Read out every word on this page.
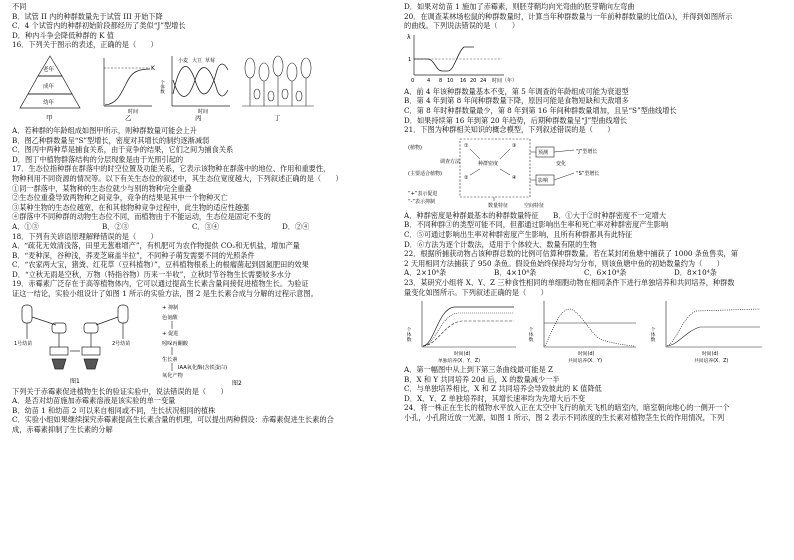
不同
B．试管 II 内的种群数量先于试管 III 开始下降
C．4 个试管内的种群初始阶段都经历了类似“J”型增长
D．种内斗争会降低种群的 K 值
16．下列关于图示的表述，正确的是（　　）
老年
成年
幼年
甲
K
时间
乙
小麦 大豆 草莓
个体数
时间
丙	丁
A．若种群的年龄组成如图甲所示，则种群数量可能会上升
B．图乙种群数量呈“S”型增长，密度对其增长的制约逐渐减弱
C．图丙中两种草是捕食关系，由于竞争的结果，它们之间为捕食关系
D．图丁中植物群落结构的分层现象是由于光照引起的
17．生态位指种群在群落中的时空位置及功能关系，它表示该物种在群落中的地位、作用和重要性，
物种利用不同资源的情况等。以下有关生态位的叙述中，其生态位宽度越大，下列叙述正确的是（　　）
①同一群落中，某物种的生态位就少与别的物种完全重叠
②生态位重叠导致两物种之间竞争，竞争的结果是其中一个物种灭亡
③某种生物的生态位越宽，在和其他物种竞争过程中，此生物的适应性越强
④群落中不同种群的动物生态位不同，而植物由于不能运动，生态位是固定不变的
A．①③	B．②③	C．③④	D．②④
18．下列有关谚语原理解释错误的是（　　）
A．“疏花无效清浅落，田里无葱难增产”，有机肥可为农作物提供 CO₂和无机盐，增加产量
B．“麦种深，谷种浅，荞麦芝麻盖半拉”，不同种子萌发需要不同的光照条件
C．“农家两大宝，猪粪、红花草（豆科植物）”，豆科植物根系上的根瘤菌起到固氮肥田的效果
D．“立秋无雨是空秋，万物（特指谷物）历来一半收”，立秋时节谷物生长需要较多水分
19．赤霉素广泛存在于高等植物体内，它可以通过提高生长素含量间接促进植物生长。为验证
证这一结论，实验小组设计了如图 1 所示的实验方法，图 2 是生长素合成与分解的过程示意图。
1号幼苗	2号幼苗
图1
+ 抑制
色氨酸
+ 促进
吲哚丙酮酸
生长素
IAA氧化酶(含铁蛋白)
氧化产物
图2
下列关于赤霉素促进植物生长的验证实验中，说法错误的是（　　）
A．是否对幼苗施加赤霉素溶液是该实验的单一变量
B．幼苗 1 和幼苗 2 可以来自相同或不同，生长状况相同的植株
C．实验小组如果继续探究赤霉素提高生长素含量的机理，可以提出两种假设：赤霉素促进生长素的合
成，赤霉素抑制了生长素的分解
D．如果对幼苗 1 施加了赤霉素，则胚芽鞘均向光弯曲的胚芽鞘向左弯曲
20．在调查某林场松鼠的种群数量时，计算当年种群数量与一年前种群数量的比值(λ)，并得到如图所示
的曲线。下列说法错误的是（　　）
λ
1
0	4 8 10 16 20 24 时间（年）
A．前 4 年该种群数量基本不变，第 5 年调查的年龄组成可能为衰退型
B．第 4 年到第 8 年间种群数量下降，原因可能是食物短缺和天敌增多
C．第 8 年时种群数量最少，第 8 年到第 16 年间种群数量增加，且呈“S”型曲线增长
D．如果持续第 16 年到第 20 年趋势，后期种群数量呈“J”型曲线增长
21．下图为种群相关知识的概念模型，下列叙述错误的是（　　）
(植物)
(主要适合植物)
①
种群密度
②
③
④
预测
变化
影响
“J”型增长
“S”型增长
调查方法
数量特征	空间特征
“+”表示促进
“-”表示抑制
A．种群密度是种群最基本的种群数量特征　　B．①大于②时种群密度不一定增大
B．不同种群③的类型可能不同，但都通过影响出生率和死亡率对种群密度产生影响
C．⑤可通过影响出生率对种群密度产生影响，且所有种群都具有此特征
D．⑥方法为逐个计数法，适用于个体较大、数量有限的生物
22．根据所捕获动物占该种群总数的比例可估算种群数量。若在某封闭鱼塘中捕获了 1000 条鱼售卖，第
2 天用相同方法捕获了 950 条鱼。假设鱼始终保持均匀分布，则该鱼塘中鱼的初始数量约为（　　）
A．2×10⁴条	B．4×10⁴条	C．6×10⁴条	D．8×10⁴条
23．某研究小组将 X、Y、Z 三种食性相同的单细胞动物在相同条件下进行单独培养和共同培养，种群数
量变化如图所示。下列叙述正确的是（　　）
个体数
时间(d)
单独培养(X、Y、Z)
个体数
时间(d)
共同培养(X、Y)
个体数
时间(d)
共同培养(X、Z)
A．第一幅图中从上到下第三条曲线最可能是 Z
B．X 和 Y 共同培养 20d 后，X 的数量减少一半
C．与单独培养相比，X 和 Z 共同培养会导致彼此的 K 值降低
D．X、Y、Z 单独培养时，其增长速率均为先增大后不变
24．将一株正在生长的植物水平放入正在太空中飞行的航天飞机的暗室内，暗室朝向地心的一侧开一个
小孔，小孔附近放一光源，如图 1 所示，图 2 表示不同浓度的生长素对植物茎生长的作用情况，下列
